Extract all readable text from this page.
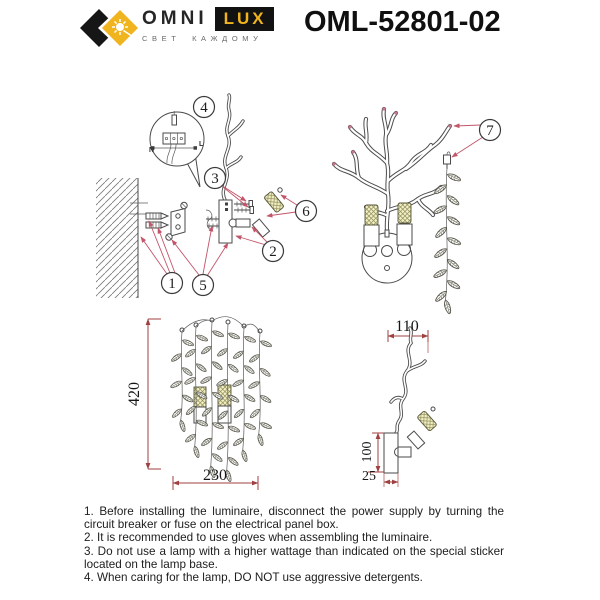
OMNI LUX
СВЕТ КАЖДОМУ
OML-52801-02
N
L
4
3
6
2
1 5
7
420
230
110
100
25

1. Before installing the luminaire, disconnect the power supply by turning the circuit breaker or fuse on the electrical panel box.

2. It is recommended to use gloves when assembling the luminaire.

3. Do not use a lamp with a higher wattage than indicated on the special sticker located on the lamp base.

4. When caring for the lamp, DO NOT use aggressive detergents.
